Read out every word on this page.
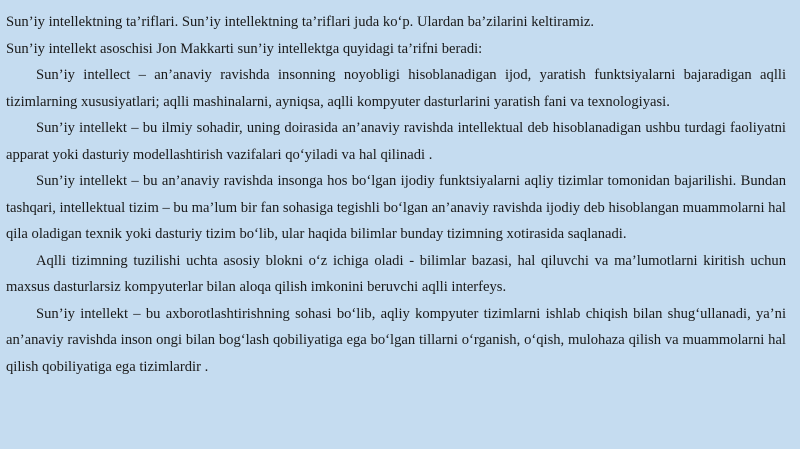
Sun’iy intellektning ta’riflari. Sun’iy intellektning ta’riflari juda ko‘p. Ulardan ba’zilarini keltiramiz.

Sun’iy intellekt asoschisi Jon Makkarti sun’iy intellektga quyidagi ta’rifni beradi:

Sun’iy intellect – an’anaviy ravishda insonning noyobligi hisoblanadigan ijod, yaratish funktsiyalarni bajaradigan aqlli tizimlarning xususiyatlari; aqlli mashinalarni, ayniqsa, aqlli kompyuter dasturlarini yaratish fani va texnologiyasi.

Sun’iy intellekt – bu ilmiy sohadir, uning doirasida an’anaviy ravishda intellektual deb hisoblanadigan ushbu turdagi faoliyatni apparat yoki dasturiy modellashtirish vazifalari qo‘yiladi va hal qilinadi .

Sun’iy intellekt – bu an’anaviy ravishda insonga hos bo‘lgan ijodiy funktsiyalarni aqliy tizimlar tomonidan bajarilishi. Bundan tashqari, intellektual tizim – bu ma’lum bir fan sohasiga tegishli bo‘lgan an’anaviy ravishda ijodiy deb hisoblangan muammolarni hal qila oladigan texnik yoki dasturiy tizim bo‘lib, ular haqida bilimlar bunday tizimning xotirasida saqlanadi.

Aqlli tizimning tuzilishi uchta asosiy blokni o‘z ichiga oladi - bilimlar bazasi, hal qiluvchi va ma’lumotlarni kiritish uchun maxsus dasturlarsiz kompyuterlar bilan aloqa qilish imkonini beruvchi aqlli interfeys.

Sun’iy intellekt – bu axborotlashtirishning sohasi bo‘lib, aqliy kompyuter tizimlarni ishlab chiqish bilan shug‘ullanadi, ya’ni an’anaviy ravishda inson ongi bilan bog‘lash qobiliyatiga ega bo‘lgan tillarni o‘rganish, o‘qish, mulohaza qilish va muammolarni hal qilish qobiliyatiga ega tizimlardir .
